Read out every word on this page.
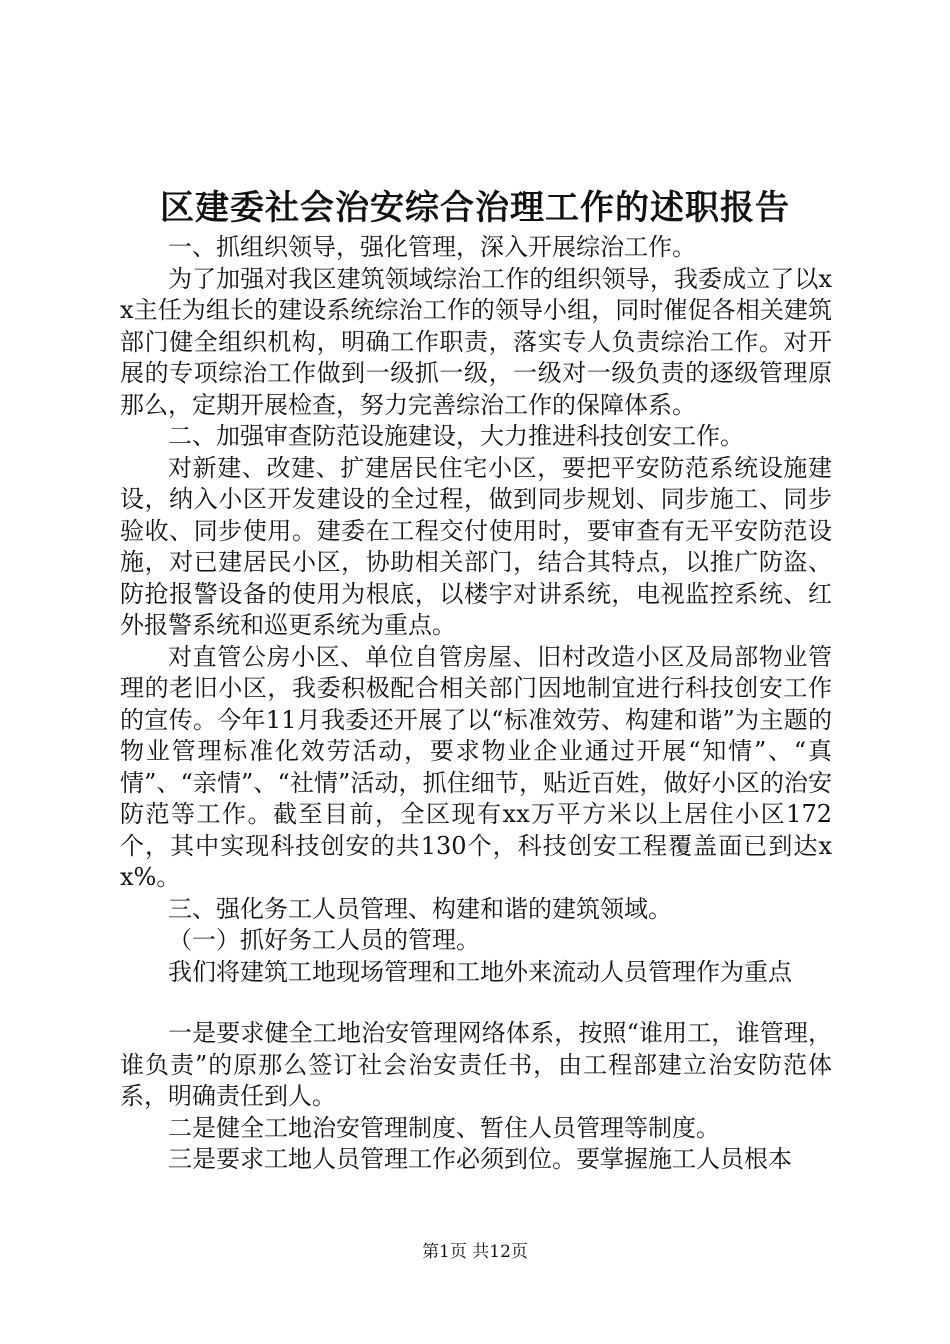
区建委社会治安综合治理工作的述职报告

一、抓组织领导，强化管理，深入开展综治工作。

为了加强对我区建筑领域综治工作的组织领导，我委成立了以xx主任为组长的建设系统综治工作的领导小组，同时催促各相关建筑部门健全组织机构，明确工作职责，落实专人负责综治工作。对开展的专项综治工作做到一级抓一级，一级对一级负责的逐级管理原那么，定期开展检查，努力完善综治工作的保障体系。

二、加强审查防范设施建设，大力推进科技创安工作。

对新建、改建、扩建居民住宅小区，要把平安防范系统设施建设，纳入小区开发建设的全过程，做到同步规划、同步施工、同步验收、同步使用。建委在工程交付使用时，要审查有无平安防范设施，对已建居民小区，协助相关部门，结合其特点，以推广防盗、防抢报警设备的使用为根底，以楼宇对讲系统，电视监控系统、红外报警系统和巡更系统为重点。

对直管公房小区、单位自管房屋、旧村改造小区及局部物业管理的老旧小区，我委积极配合相关部门因地制宜进行科技创安工作的宣传。今年11月我委还开展了以“标准效劳、构建和谐”为主题的物业管理标准化效劳活动，要求物业企业通过开展“知情”、“真情”、“亲情”、“社情”活动，抓住细节，贴近百姓，做好小区的治安防范等工作。截至目前，全区现有xx万平方米以上居住小区172个，其中实现科技创安的共130个，科技创安工程覆盖面已到达xx%。

三、强化务工人员管理、构建和谐的建筑领域。

（一）抓好务工人员的管理。

我们将建筑工地现场管理和工地外来流动人员管理作为重点

一是要求健全工地治安管理网络体系，按照“谁用工，谁管理，谁负责”的原那么签订社会治安责任书，由工程部建立治安防范体系，明确责任到人。

二是健全工地治安管理制度、暂住人员管理等制度。

三是要求工地人员管理工作必须到位。要掌握施工人员根本

第1页 共12页
